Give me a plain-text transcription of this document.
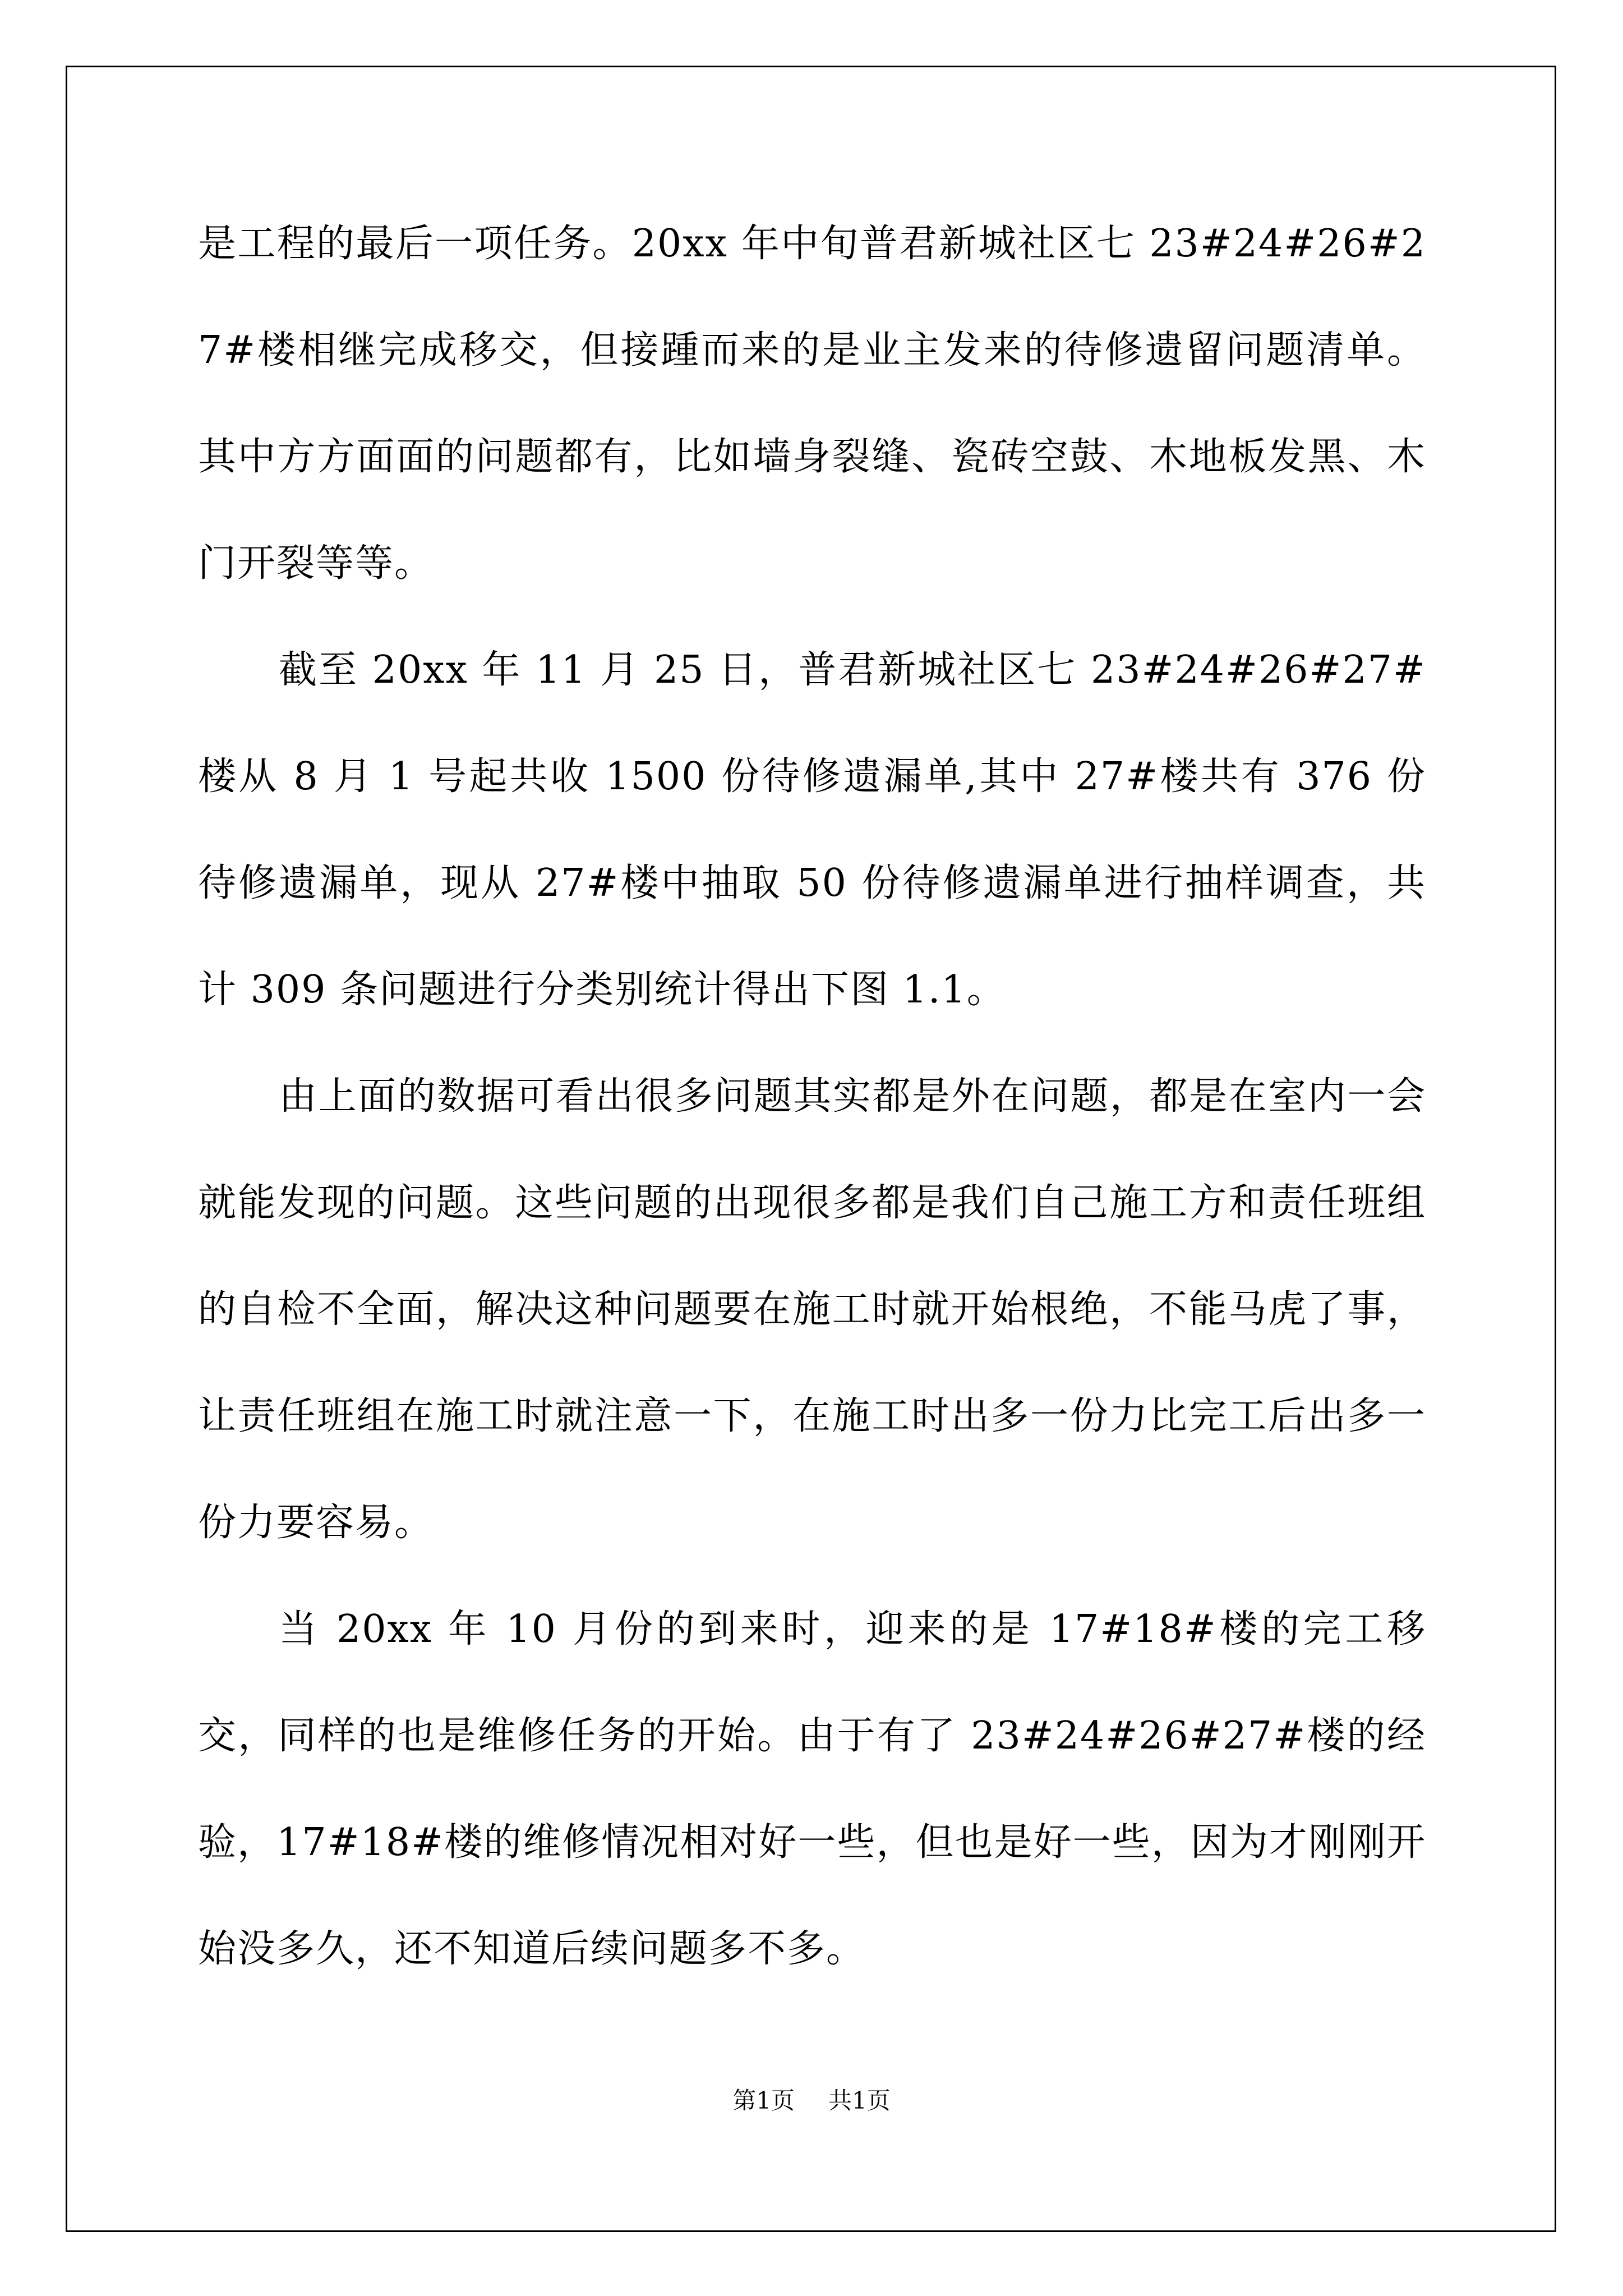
是工程的最后一项任务。20xx 年中旬普君新城社区七 23#24#26#27#楼相继完成移交，但接踵而来的是业主发来的待修遗留问题清单。其中方方面面的问题都有，比如墙身裂缝、瓷砖空鼓、木地板发黑、木门开裂等等。

截至 20xx 年 11 月 25 日，普君新城社区七 23#24#26#27#楼从 8 月 1 号起共收 1500 份待修遗漏单,其中 27#楼共有 376 份待修遗漏单，现从 27#楼中抽取 50 份待修遗漏单进行抽样调查，共计 309 条问题进行分类别统计得出下图 1.1。

由上面的数据可看出很多问题其实都是外在问题，都是在室内一会就能发现的问题。这些问题的出现很多都是我们自己施工方和责任班组的自检不全面，解决这种问题要在施工时就开始根绝，不能马虎了事，让责任班组在施工时就注意一下，在施工时出多一份力比完工后出多一份力要容易。

当 20xx 年 10 月份的到来时，迎来的是 17#18#楼的完工移交，同样的也是维修任务的开始。由于有了 23#24#26#27#楼的经验，17#18#楼的维修情况相对好一些，但也是好一些，因为才刚刚开始没多久，还不知道后续问题多不多。

第1页 共1页
